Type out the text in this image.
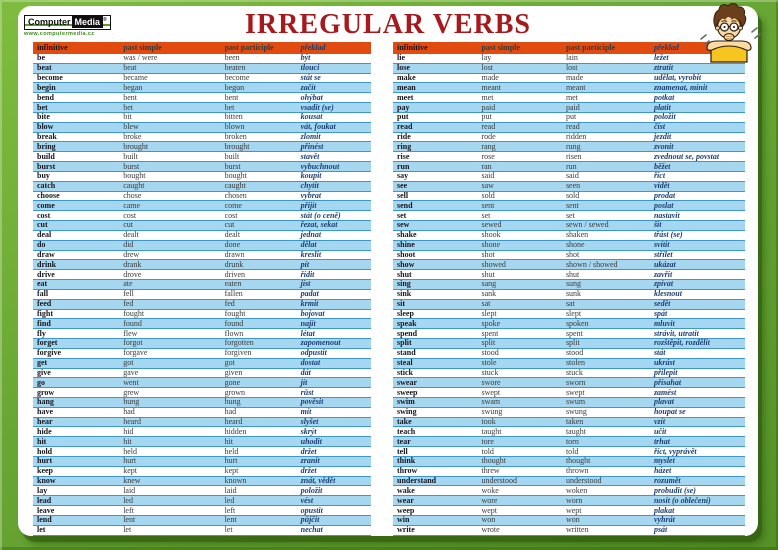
Computer Media ®
www.computermedia.cz	IRREGULAR VERBS
infinitive	past simple	past participle	překlad
be	was / were	been	být
beat	beat	beaten	tlouci
become	became	become	stát se
begin	began	begun	začít
bend	bent	bent	ohýbat
bet	bet	bet	vsadit (se)
bite	bit	bitten	kousat
blow	blew	blown	vát, foukat
break	broke	broken	zlomit
bring	brought	brought	přinést
build	built	built	stavět
burst	burst	burst	vybuchnout
buy	bought	bought	koupit
catch	caught	caught	chytit
choose	chose	chosen	vybrat
come	came	come	přijít
cost	cost	cost	stát (o ceně)
cut	cut	cut	řezat, sekat
deal	dealt	dealt	jednat
do	did	done	dělat
draw	drew	drawn	kreslit
drink	drank	drunk	pít
drive	drove	driven	řídit
eat	ate	eaten	jíst
fall	fell	fallen	padat
feed	fed	fed	krmit
fight	fought	fought	bojovat
find	found	found	najít
fly	flew	flown	létat
forget	forgot	forgotten	zapomenout
forgive	forgave	forgiven	odpustit
get	got	got	dostat
give	gave	given	dát
go	went	gone	jít
grow	grew	grown	růst
hang	hung	hung	pověsit
have	had	had	mít
hear	heard	heard	slyšet
hide	hid	hidden	skrýt
hit	hit	hit	uhodit
hold	held	held	držet
hurt	hurt	hurt	zranit
keep	kept	kept	držet
know	knew	known	znát, vědět
lay	laid	laid	položit
lead	led	led	vést
leave	left	left	opustit
lend	lent	lent	půjčit
let	let	let	nechat
infinitive	past simple	past participle	překlad
lie	lay	lain	ležet
lose	lost	lost	ztratit
make	made	made	udělat, vyrobit
mean	meant	meant	znamenat, mínit
meet	met	met	potkat
pay	paid	paid	platit
put	put	put	položit
read	read	read	číst
ride	rode	ridden	jezdit
ring	rang	rung	zvonit
rise	rose	risen	zvednout se, povstat
run	ran	run	běžet
say	said	said	říct
see	saw	seen	vidět
sell	sold	sold	prodat
send	sent	sent	poslat
set	set	set	nastavit
sew	sewed	sewn / sewed	šít
shake	shook	shaken	třást (se)
shine	shone	shone	svítit
shoot	shot	shot	střílet
show	showed	shown / showed	ukázat
shut	shut	shut	zavřít
sing	sang	sung	zpívat
sink	sank	sunk	klesnout
sit	sat	sat	sedět
sleep	slept	slept	spát
speak	spoke	spoken	mluvit
spend	spent	spent	strávit, utratit
split	split	split	rozštěpit, rozdělit
stand	stood	stood	stát
steal	stole	stolen	ukrást
stick	stuck	stuck	přilepit
swear	swore	sworn	přísahat
sweep	swept	swept	zamést
swim	swam	swum	plavat
swing	swung	swung	houpat se
take	took	taken	vzít
teach	taught	taught	učit
tear	tore	torn	trhat
tell	told	told	říct, vyprávět
think	thought	thought	myslet
throw	threw	thrown	házet
understand	understood	understood	rozumět
wake	woke	woken	probudit (se)
wear	wore	worn	nosit (o oblečení)
weep	wept	wept	plakat
win	won	won	vyhrát
write	wrote	written	psát
